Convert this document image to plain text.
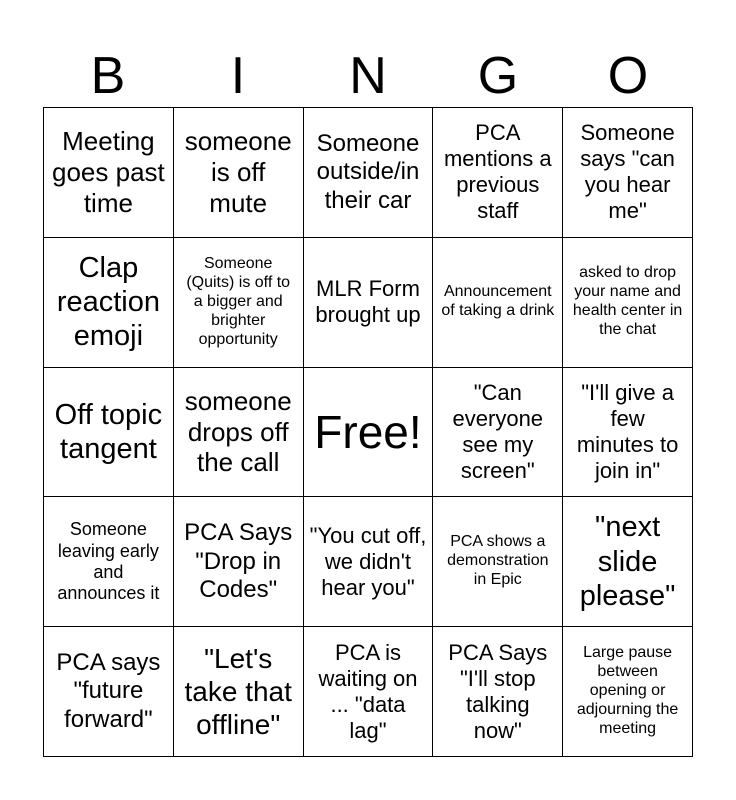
B	I	N	G	O
Meeting goes past time
someone is off mute
Someone outside/in their car
PCA mentions a previous staff
Someone says "can you hear me"
Clap reaction emoji
Someone (Quits) is off to a bigger and brighter opportunity
MLR Form brought up
Announcement of taking a drink
asked to drop your name and health center in the chat
Off topic tangent
someone drops off the call
Free!
"Can everyone see my screen"
"I'll give a few minutes to join in"
Someone leaving early and announces it
PCA Says "Drop in Codes"
"You cut off, we didn't hear you"
PCA shows a demonstration in Epic
"next slide please"
PCA says "future forward"
"Let's take that offline"
PCA is waiting on ... "data lag"
PCA Says "I'll stop talking now"
Large pause between opening or adjourning the meeting
